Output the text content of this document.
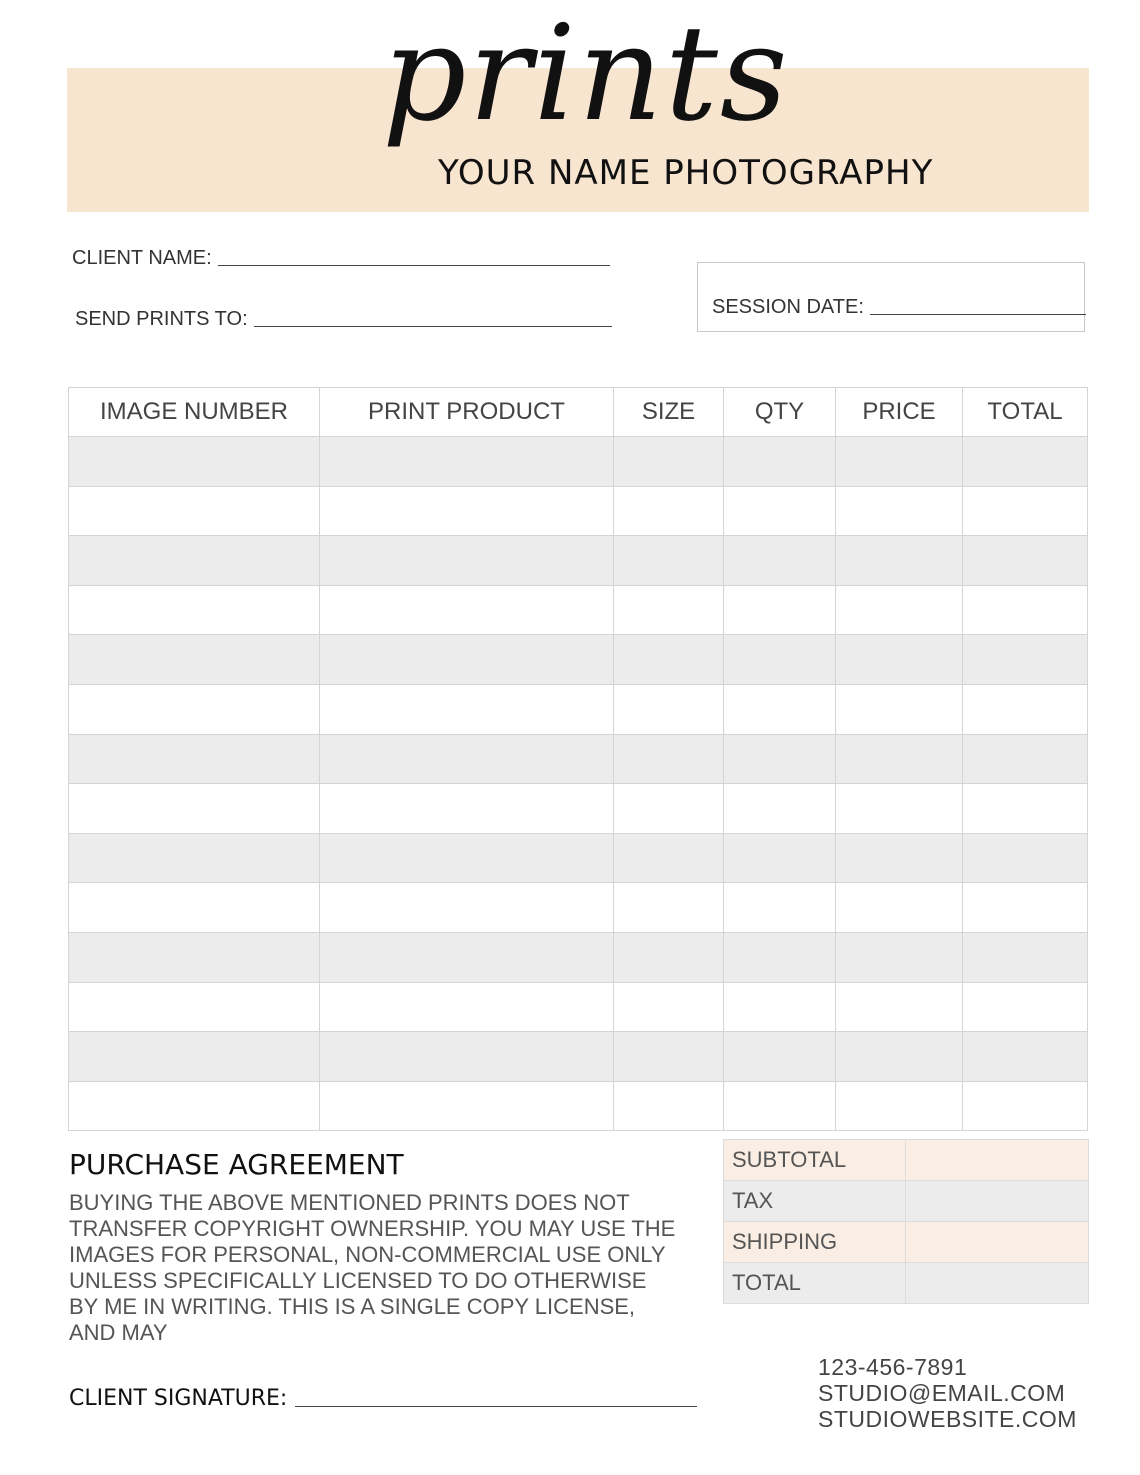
prints
YOUR NAME PHOTOGRAPHY
CLIENT NAME:
SEND PRINTS TO:
SESSION DATE:
IMAGE NUMBER	PRINT PRODUCT	SIZE	QTY	PRICE	TOTAL

PURCHASE AGREEMENT
BUYING THE ABOVE MENTIONED PRINTS DOES NOT TRANSFER COPYRIGHT OWNERSHIP. YOU MAY USE THE IMAGES FOR PERSONAL, NON-COMMERCIAL USE ONLY UNLESS SPECIFICALLY LICENSED TO DO OTHERWISE BY ME IN WRITING. THIS IS A SINGLE COPY LICENSE, AND MAY
SUBTOTAL	
TAX	
SHIPPING	
TOTAL	
CLIENT SIGNATURE:
123-456-7891
STUDIO@EMAIL.COM
STUDIOWEBSITE.COM
